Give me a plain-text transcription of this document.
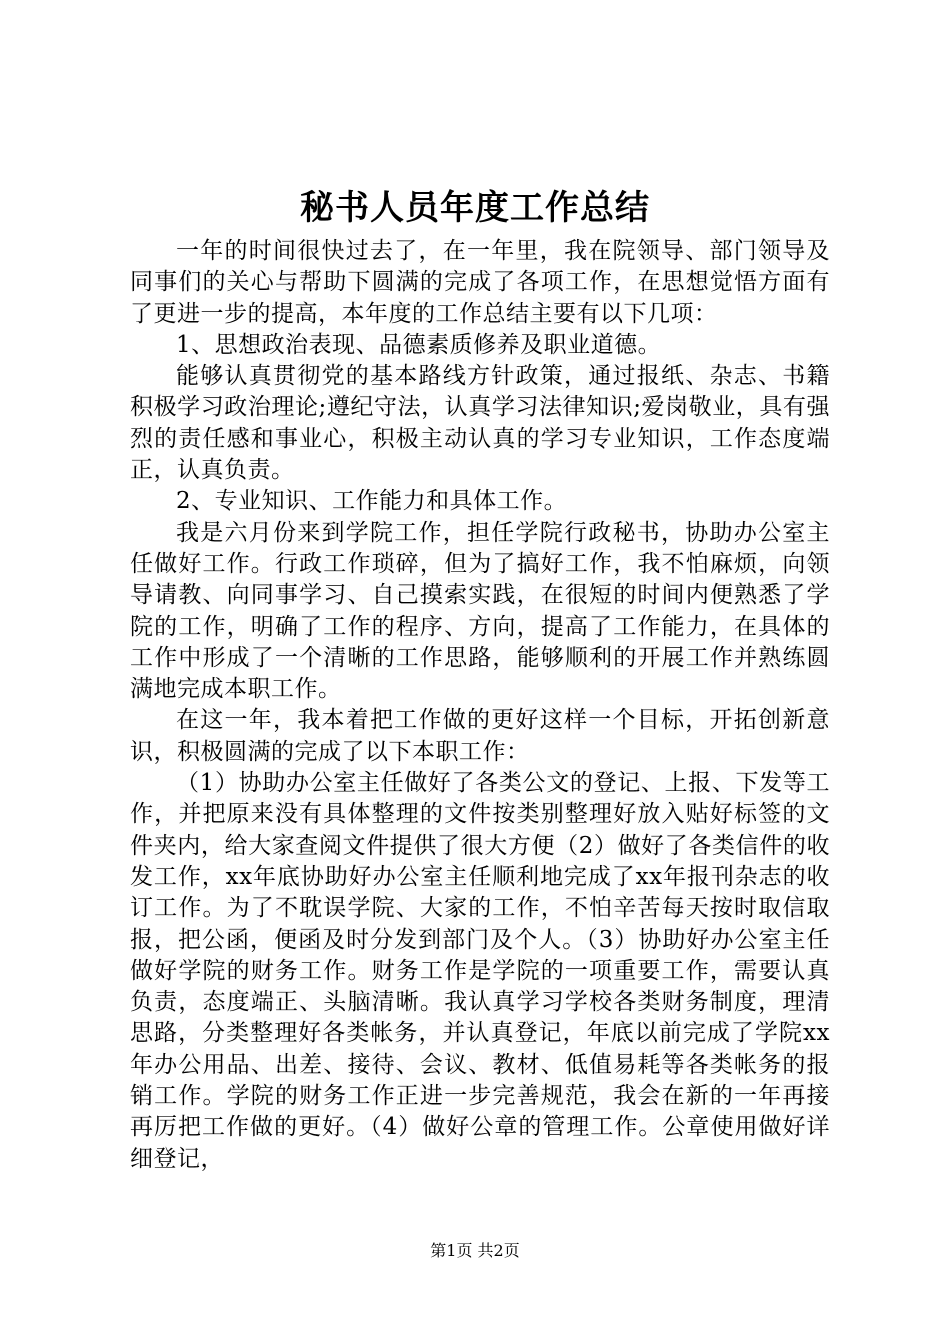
秘书人员年度工作总结

一年的时间很快过去了，在一年里，我在院领导、部门领导及同事们的关心与帮助下圆满的完成了各项工作，在思想觉悟方面有了更进一步的提高，本年度的工作总结主要有以下几项：

1、思想政治表现、品德素质修养及职业道德。

能够认真贯彻党的基本路线方针政策，通过报纸、杂志、书籍积极学习政治理论;遵纪守法，认真学习法律知识;爱岗敬业，具有强烈的责任感和事业心，积极主动认真的学习专业知识，工作态度端正，认真负责。

2、专业知识、工作能力和具体工作。

我是六月份来到学院工作，担任学院行政秘书，协助办公室主任做好工作。行政工作琐碎，但为了搞好工作，我不怕麻烦，向领导请教、向同事学习、自己摸索实践，在很短的时间内便熟悉了学院的工作，明确了工作的程序、方向，提高了工作能力，在具体的工作中形成了一个清晰的工作思路，能够顺利的开展工作并熟练圆满地完成本职工作。

在这一年，我本着把工作做的更好这样一个目标，开拓创新意识，积极圆满的完成了以下本职工作：

（1）协助办公室主任做好了各类公文的登记、上报、下发等工作，并把原来没有具体整理的文件按类别整理好放入贴好标签的文件夹内，给大家查阅文件提供了很大方便（2）做好了各类信件的收发工作，xx年底协助好办公室主任顺利地完成了xx年报刊杂志的收订工作。为了不耽误学院、大家的工作，不怕辛苦每天按时取信取报，把公函，便函及时分发到部门及个人。（3）协助好办公室主任做好学院的财务工作。财务工作是学院的一项重要工作，需要认真负责，态度端正、头脑清晰。我认真学习学校各类财务制度，理清思路，分类整理好各类帐务，并认真登记，年底以前完成了学院xx年办公用品、出差、接待、会议、教材、低值易耗等各类帐务的报销工作。学院的财务工作正进一步完善规范，我会在新的一年再接再厉把工作做的更好。（4）做好公章的管理工作。公章使用做好详细登记，

第1页 共2页
